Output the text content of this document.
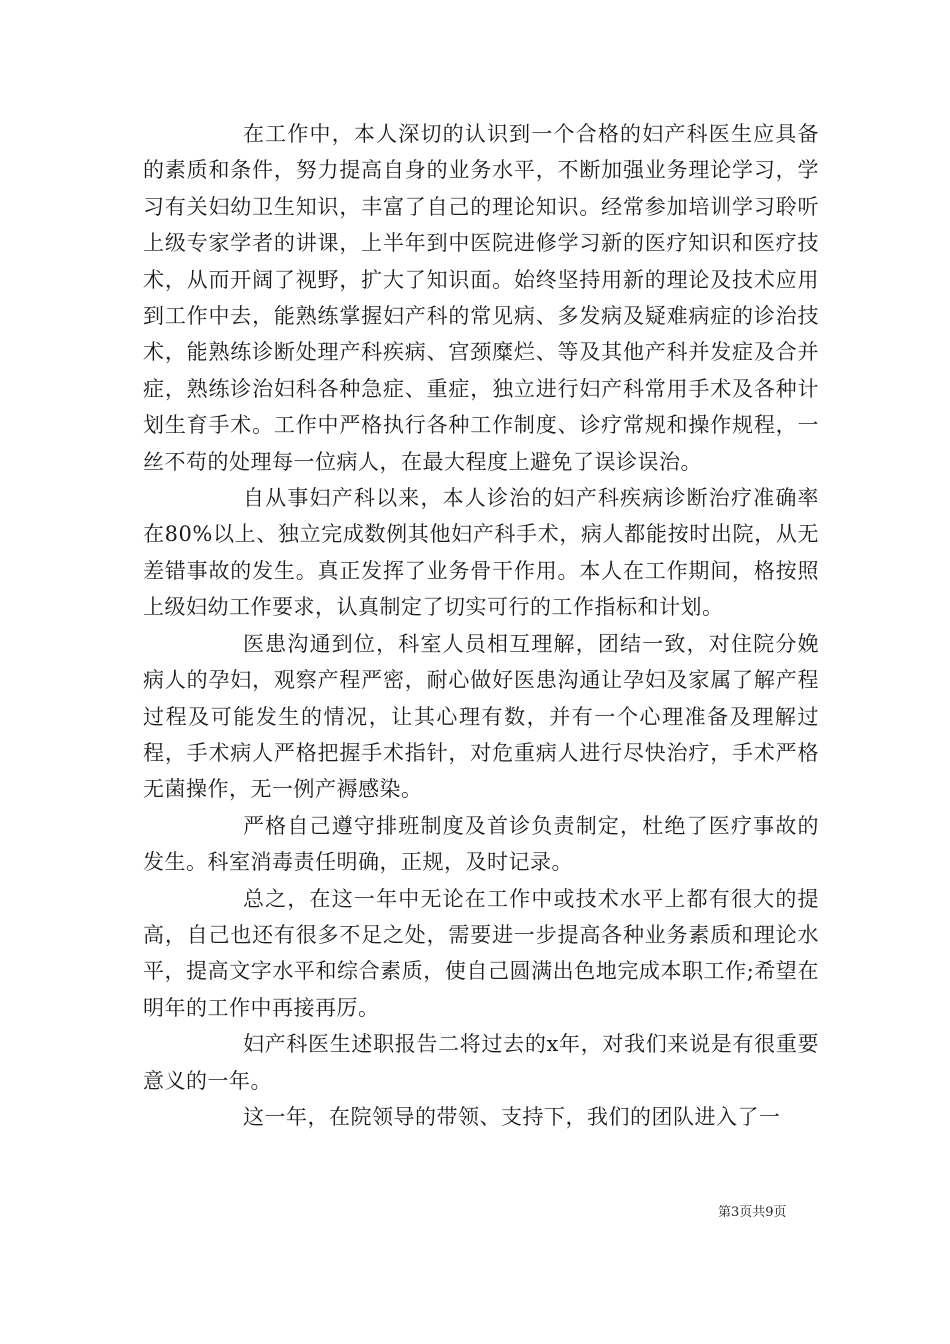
在工作中，本人深切的认识到一个合格的妇产科医生应具备的素质和条件，努力提高自身的业务水平，不断加强业务理论学习，学习有关妇幼卫生知识，丰富了自己的理论知识。经常参加培训学习聆听上级专家学者的讲课，上半年到中医院进修学习新的医疗知识和医疗技术，从而开阔了视野，扩大了知识面。始终坚持用新的理论及技术应用到工作中去，能熟练掌握妇产科的常见病、多发病及疑难病症的诊治技术，能熟练诊断处理产科疾病、宫颈糜烂、等及其他产科并发症及合并症，熟练诊治妇科各种急症、重症，独立进行妇产科常用手术及各种计划生育手术。工作中严格执行各种工作制度、诊疗常规和操作规程，一丝不苟的处理每一位病人，在最大程度上避免了误诊误治。

自从事妇产科以来，本人诊治的妇产科疾病诊断治疗准确率在80%以上、独立完成数例其他妇产科手术，病人都能按时出院，从无差错事故的发生。真正发挥了业务骨干作用。本人在工作期间，格按照上级妇幼工作要求，认真制定了切实可行的工作指标和计划。

医患沟通到位，科室人员相互理解，团结一致，对住院分娩病人的孕妇，观察产程严密，耐心做好医患沟通让孕妇及家属了解产程过程及可能发生的情况，让其心理有数，并有一个心理准备及理解过程，手术病人严格把握手术指针，对危重病人进行尽快治疗，手术严格无菌操作，无一例产褥感染。

严格自己遵守排班制度及首诊负责制定，杜绝了医疗事故的发生。科室消毒责任明确，正规，及时记录。

总之，在这一年中无论在工作中或技术水平上都有很大的提高，自己也还有很多不足之处，需要进一步提高各种业务素质和理论水平，提高文字水平和综合素质，使自己圆满出色地完成本职工作;希望在明年的工作中再接再厉。

妇产科医生述职报告二将过去的x年，对我们来说是有很重要意义的一年。

这一年，在院领导的带领、支持下，我们的团队进入了一

第3页共9页
